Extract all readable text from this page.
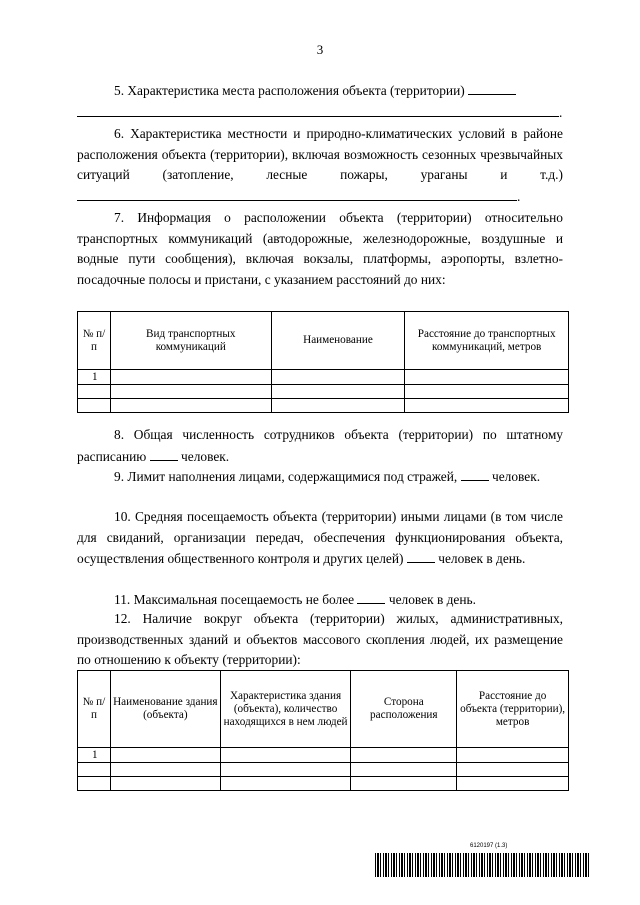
3
5. Характеристика места расположения объекта (территории)
.
6. Характеристика местности и природно-климатических условий в районе расположения объекта (территории), включая возможность сезонных чрезвычайных ситуаций (затопление, лесные пожары, ураганы и т.д.) .
7. Информация о расположении объекта (территории) относительно транспортных коммуникаций (автодорожные, железнодорожные, воздушные и водные пути сообщения), включая вокзалы, платформы, аэропорты, взлетно-посадочные полосы и пристани, с указанием расстояний до них:
№ п/п	Вид транспортных коммуникаций	Наименование	Расстояние до транспортных коммуникаций, метров
1			

8. Общая численность сотрудников объекта (территории) по штатному расписанию	человек.
9. Лимит наполнения лицами, содержащимися под стражей,	человек.
10. Средняя посещаемость объекта (территории) иными лицами (в том числе для свиданий, организации передач, обеспечения функционирования объекта, осуществления общественного контроля и других целей)	человек в день.
11. Максимальная посещаемость не более	человек в день.
12. Наличие вокруг объекта (территории) жилых, административных, производственных зданий и объектов массового скопления людей, их размещение по отношению к объекту (территории):
№ п/п	Наименование здания (объекта)	Характеристика здания (объекта), количество находящихся в нем людей	Сторона расположения	Расстояние до объекта (территории), метров
1				

6120197 (1.3)
